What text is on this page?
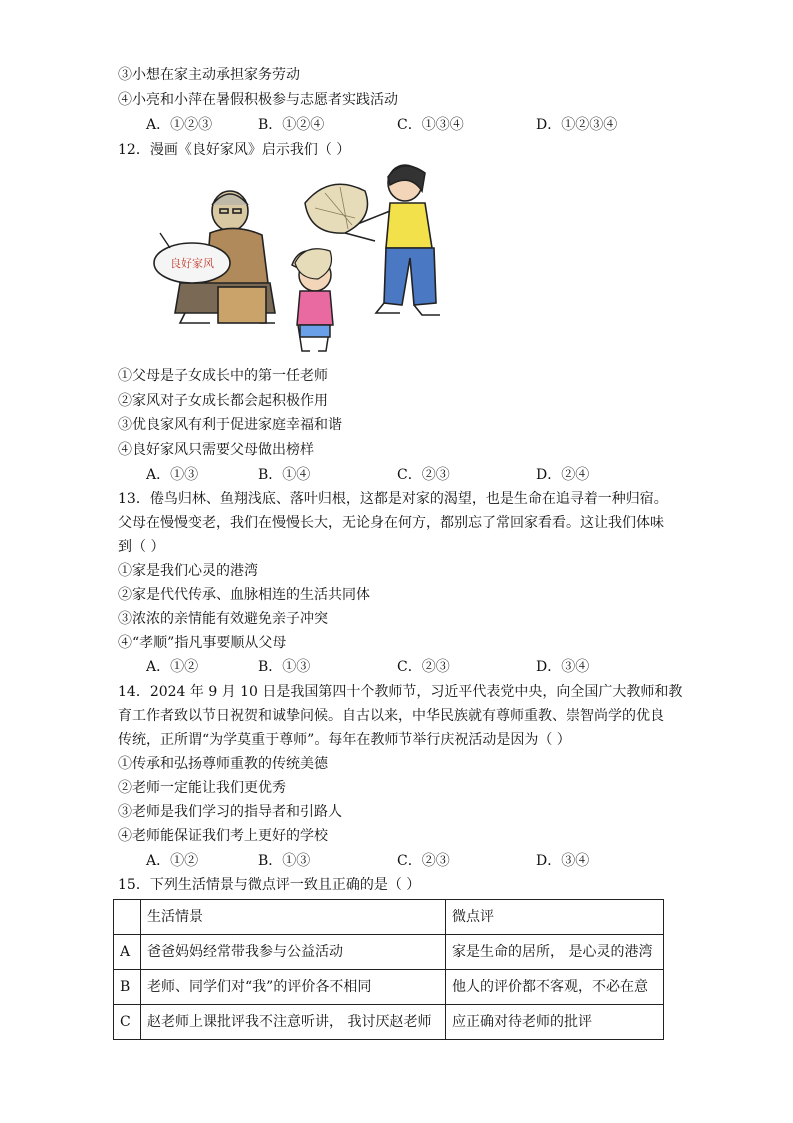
③小想在家主动承担家务劳动
④小亮和小萍在暑假积极参与志愿者实践活动
A．①②③	B．①②④	C．①③④	D．①②③④
12．漫画《良好家风》启示我们（ ）
良好家风
①父母是子女成长中的第一任老师
②家风对子女成长都会起积极作用
③优良家风有利于促进家庭幸福和谐
④良好家风只需要父母做出榜样
A．①③	B．①④	C．②③	D．②④
13．倦鸟归林、鱼翔浅底、落叶归根，这都是对家的渴望，也是生命在追寻着一种归宿。
父母在慢慢变老，我们在慢慢长大，无论身在何方，都别忘了常回家看看。这让我们体味
到（ ）
①家是我们心灵的港湾
②家是代代传承、血脉相连的生活共同体
③浓浓的亲情能有效避免亲子冲突
④“孝顺”指凡事要顺从父母
A．①②	B．①③	C．②③	D．③④
14．2024 年 9 月 10 日是我国第四十个教师节，习近平代表党中央，向全国广大教师和教
育工作者致以节日祝贺和诚挚问候。自古以来，中华民族就有尊师重教、崇智尚学的优良
传统，正所谓“为学莫重于尊师”。每年在教师节举行庆祝活动是因为（ ）
①传承和弘扬尊师重教的传统美德
②老师一定能让我们更优秀
③老师是我们学习的指导者和引路人
④老师能保证我们考上更好的学校
A．①②	B．①③	C．②③	D．③④
15．下列生活情景与微点评一致且正确的是（ ）
	生活情景	微点评
A	爸爸妈妈经常带我参与公益活动	家是生命的居所， 是心灵的港湾
B	老师、同学们对“我”的评价各不相同	他人的评价都不客观，不必在意
C	赵老师上课批评我不注意听讲， 我讨厌赵老师	应正确对待老师的批评
